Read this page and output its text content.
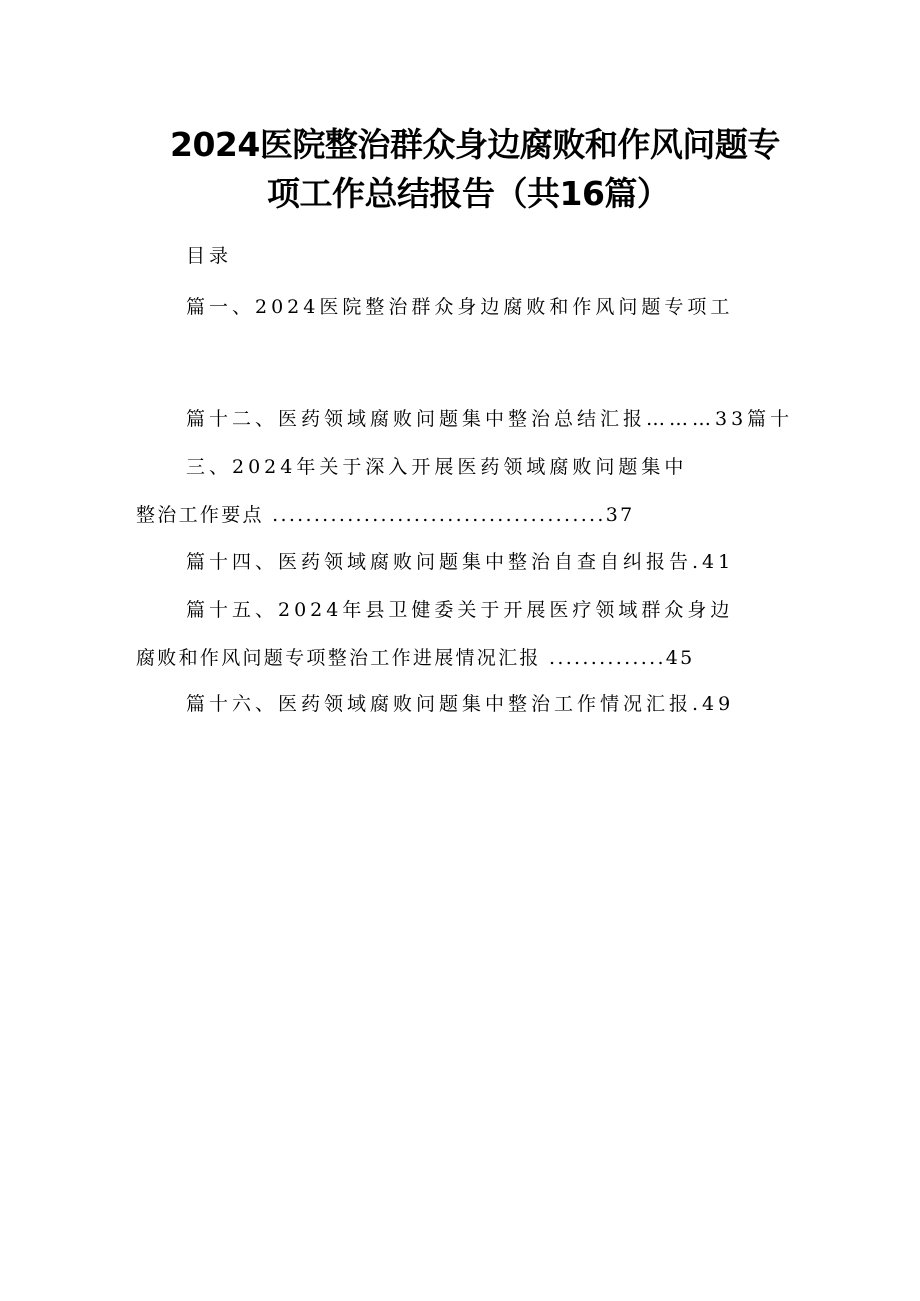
2024医院整治群众身边腐败和作风问题专
项工作总结报告（共16篇）
目录
篇一、2024医院整治群众身边腐败和作风问题专项工
篇十二、医药领域腐败问题集中整治总结汇报………33篇十
三、2024年关于深入开展医药领域腐败问题集中
整治工作要点 ........................................37
篇十四、医药领域腐败问题集中整治自查自纠报告.41
篇十五、2024年县卫健委关于开展医疗领域群众身边
腐败和作风问题专项整治工作进展情况汇报 ..............45
篇十六、医药领域腐败问题集中整治工作情况汇报.49
